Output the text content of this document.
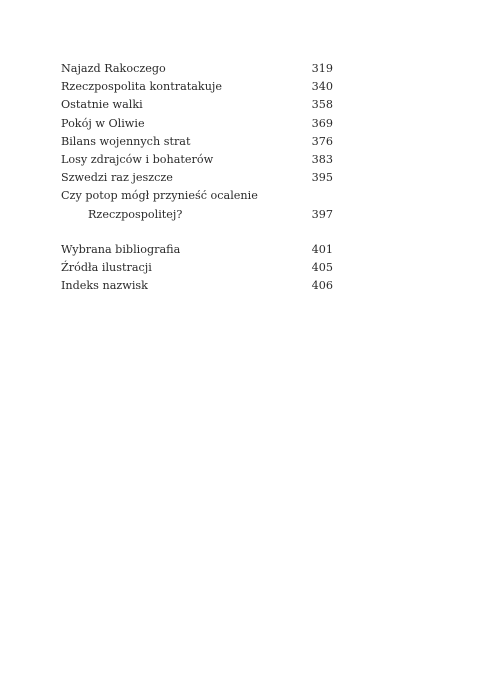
Najazd Rakoczego	319
Rzeczpospolita kontratakuje	340
Ostatnie walki	358
Pokój w Oliwie	369
Bilans wojennych strat	376
Losy zdrajców i bohaterów	383
Szwedzi raz jeszcze	395
Czy potop mógł przynieść ocalenie
Rzeczpospolitej?	397
Wybrana bibliografia	401
Źródła ilustracji	405
Indeks nazwisk	406
